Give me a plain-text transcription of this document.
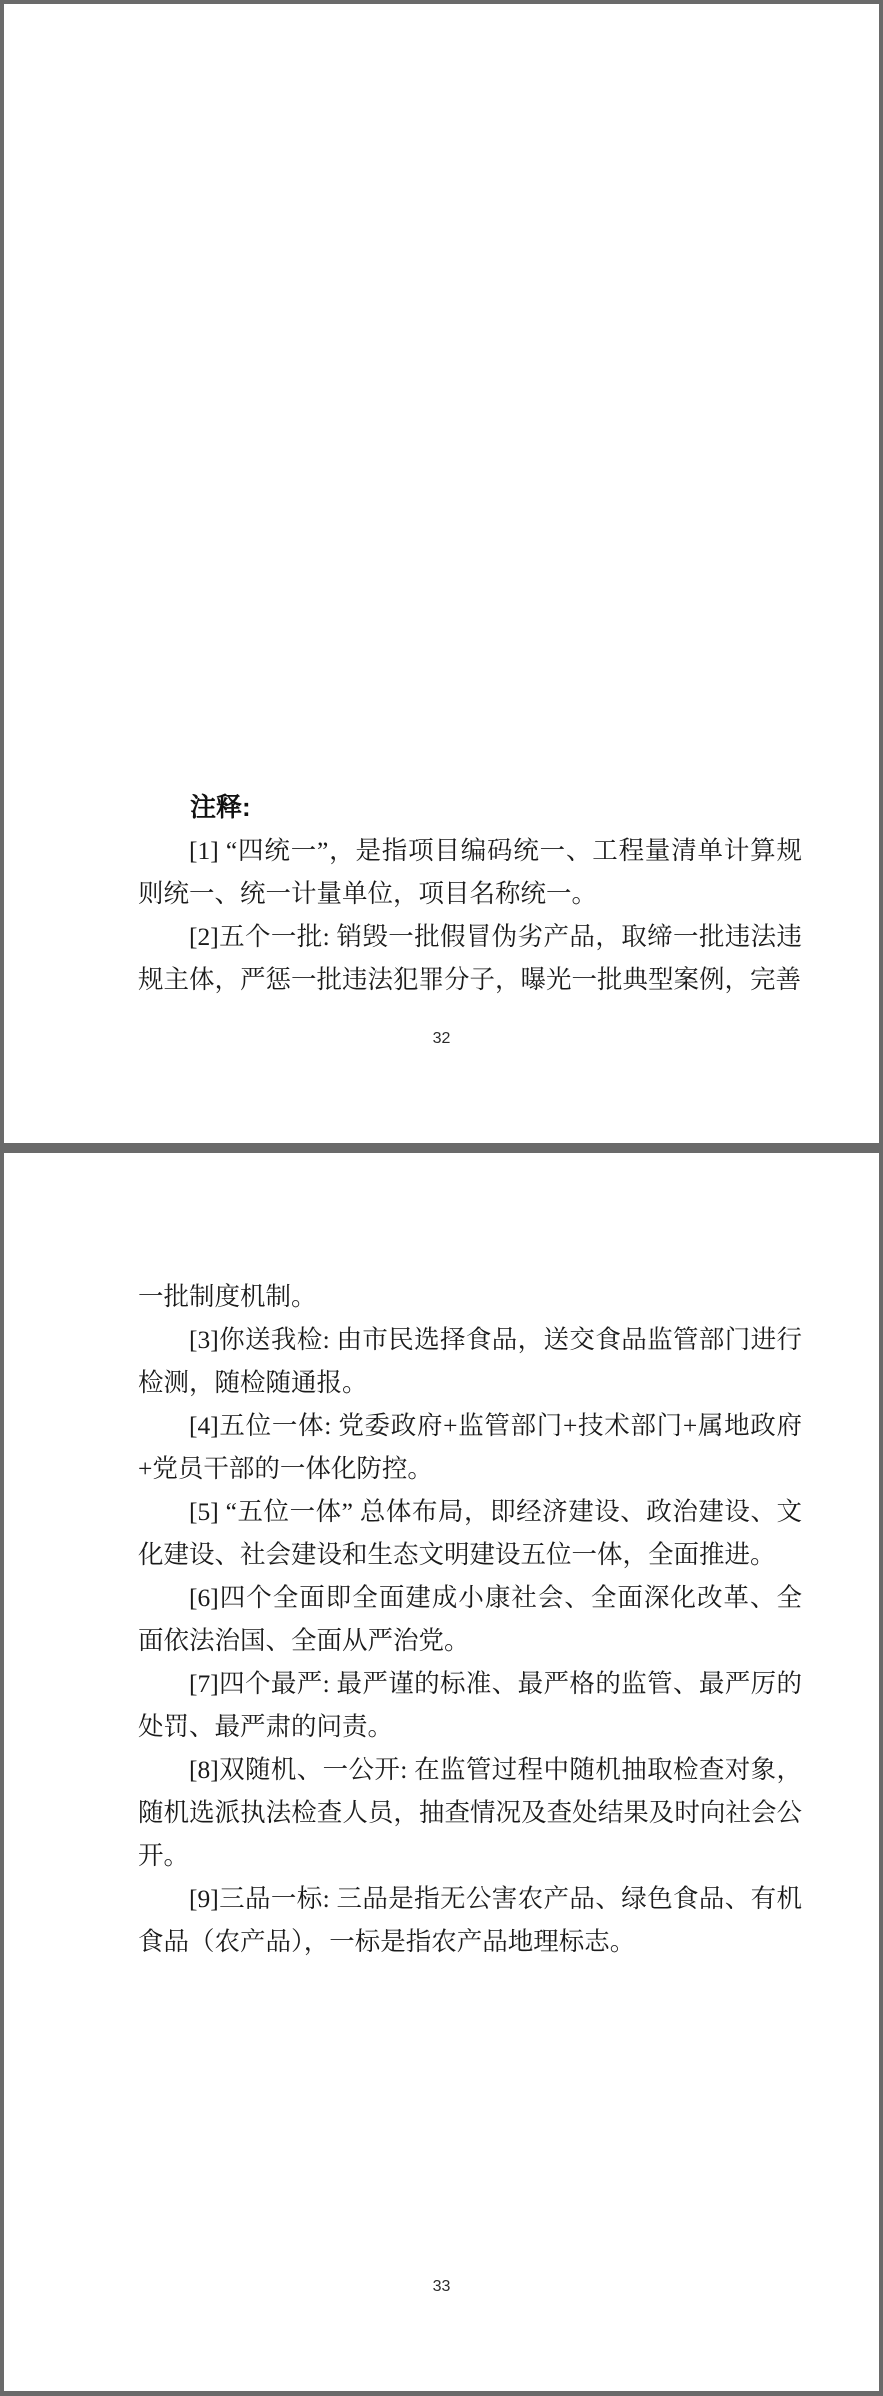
注释:

[1] “四统一”，是指项目编码统一、工程量清单计算规则统一、统一计量单位，项目名称统一。

[2]五个一批: 销毁一批假冒伪劣产品，取缔一批违法违规主体，严惩一批违法犯罪分子，曝光一批典型案例，完善

32

一批制度机制。

[3]你送我检: 由市民选择食品，送交食品监管部门进行检测，随检随通报。

[4]五位一体: 党委政府+监管部门+技术部门+属地政府+党员干部的一体化防控。

[5] “五位一体” 总体布局，即经济建设、政治建设、文化建设、社会建设和生态文明建设五位一体，全面推进。

[6]四个全面即全面建成小康社会、全面深化改革、全面依法治国、全面从严治党。

[7]四个最严: 最严谨的标准、最严格的监管、最严厉的处罚、最严肃的问责。

[8]双随机、一公开: 在监管过程中随机抽取检查对象，随机选派执法检查人员，抽查情况及查处结果及时向社会公开。

[9]三品一标: 三品是指无公害农产品、绿色食品、有机食品（农产品），一标是指农产品地理标志。

33
